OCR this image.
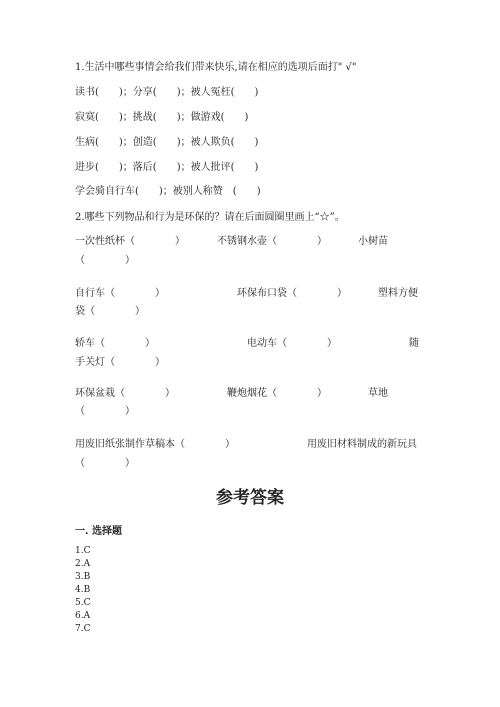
1.生活中哪些事情会给我们带来快乐,请在相应的选项后面打" √"
读书(　　)；分享(　　)；被人冤枉(　　)
寂寞(　　)；挑战(　　)；做游戏(　　)
生病(　　)；创造(　　)；被人欺负(　　)
进步(　　)；落后(　　)；被人批评(　　)
学会骑自行车(　　)；被别人称赞　(　　)
2.哪些下列物品和行为是环保的？请在后面圆圈里画上“☆”。
一次性纸杯（　　　　）	不锈钢水壶（　　　　）	小树苗
（　　　　）
自行车（　　　　）	环保布口袋（　　　　）	塑料方便
袋（　　　　）
轿车（　　　　）	电动车（　　　　）	随
手关灯（　　　　）
环保盆栽（　　　　）	鞭炮烟花（　　　　）	草地
（　　　　）
用废旧纸张制作草稿本（　　　　）	用废旧材料制成的新玩具
（　　　　）
参考答案
一. 选择题
1.C
2.A
3.B
4.B
5.C
6.A
7.C
